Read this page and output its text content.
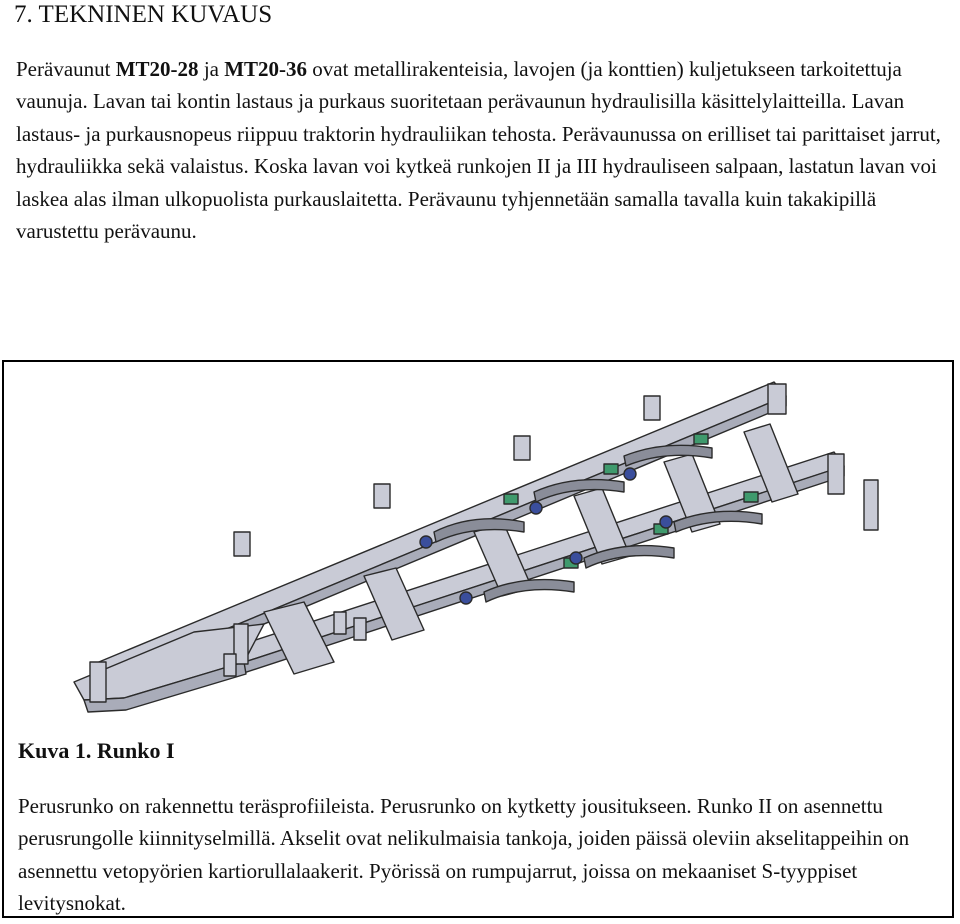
7. TEKNINEN KUVAUS

Perävaunut MT20-28 ja MT20-36 ovat metallirakenteisia, lavojen (ja konttien) kuljetukseen tarkoitettuja vaunuja. Lavan tai kontin lastaus ja purkaus suoritetaan perävaunun hydraulisilla käsittelylaitteilla. Lavan lastaus- ja purkausnopeus riippuu traktorin hydrauliikan tehosta. Perävaunussa on erilliset tai parittaiset jarrut, hydrauliikka sekä valaistus. Koska lavan voi kytkeä runkojen II ja III hydrauliseen salpaan, lastatun lavan voi laskea alas ilman ulkopuolista purkauslaitetta. Perävaunu tyhjennetään samalla tavalla kuin takakipillä varustettu perävaunu.

Kuva 1. Runko I

Perusrunko on rakennettu teräsprofiileista. Perusrunko on kytketty jousitukseen. Runko II on asennettu perusrungolle kiinnityselmillä. Akselit ovat nelikulmaisia tankoja, joiden päissä oleviin akselitappeihin on asennettu vetopyörien kartiorullalaakerit. Pyörissä on rumpujarrut, joissa on mekaaniset S-tyyppiset levitysnokat.
